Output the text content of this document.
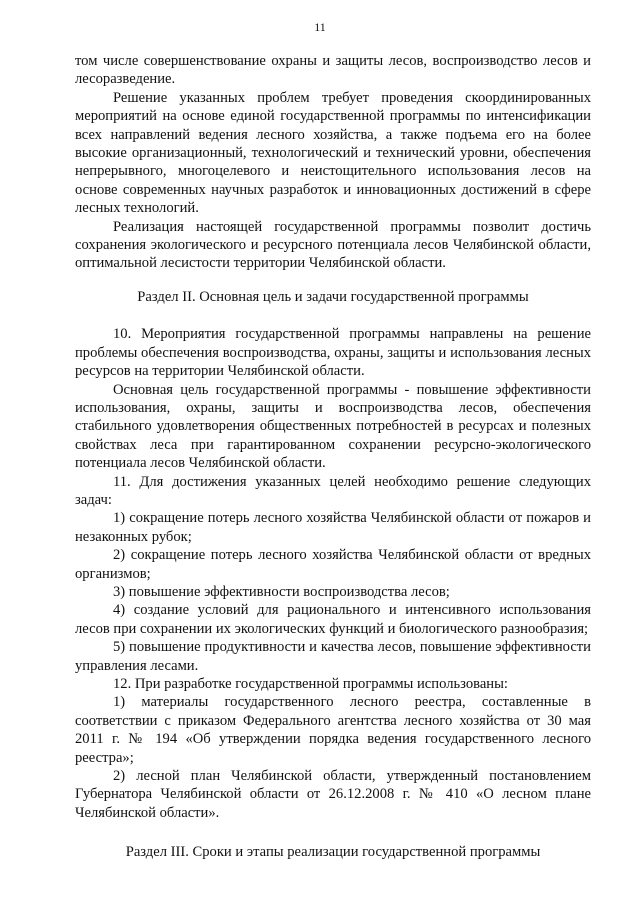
11

том числе совершенствование охраны и защиты лесов, воспроизводство лесов и лесоразведение.

Решение указанных проблем требует проведения скоординированных мероприятий на основе единой государственной программы по интенсификации всех направлений ведения лесного хозяйства, а также подъема его на более высокие организационный, технологический и технический уровни, обеспечения непрерывного, многоцелевого и неистощительного использования лесов на основе современных научных разработок и инновационных достижений в сфере лесных технологий.

Реализация настоящей государственной программы позволит достичь сохранения экологического и ресурсного потенциала лесов Челябинской области, оптимальной лесистости территории Челябинской области.

Раздел II. Основная цель и задачи государственной программы

10. Мероприятия государственной программы направлены на решение проблемы обеспечения воспроизводства, охраны, защиты и использования лесных ресурсов на территории Челябинской области.

Основная цель государственной программы - повышение эффективности использования, охраны, защиты и воспроизводства лесов, обеспечения стабильного удовлетворения общественных потребностей в ресурсах и полезных свойствах леса при гарантированном сохранении ресурсно-экологического потенциала лесов Челябинской области.

11. Для достижения указанных целей необходимо решение следующих задач:

1) сокращение потерь лесного хозяйства Челябинской области от пожаров и незаконных рубок;

2) сокращение потерь лесного хозяйства Челябинской области от вредных организмов;

3) повышение эффективности воспроизводства лесов;

4) создание условий для рационального и интенсивного использования лесов при сохранении их экологических функций и биологического разнообразия;

5) повышение продуктивности и качества лесов, повышение эффективности управления лесами.

12. При разработке государственной программы использованы:

1) материалы государственного лесного реестра, составленные в соответствии с приказом Федерального агентства лесного хозяйства от 30 мая 2011 г. № 194 «Об утверждении порядка ведения государственного лесного реестра»;

2) лесной план Челябинской области, утвержденный постановлением Губернатора Челябинской области от 26.12.2008 г. № 410 «О лесном плане Челябинской области».

Раздел III. Сроки и этапы реализации государственной программы
